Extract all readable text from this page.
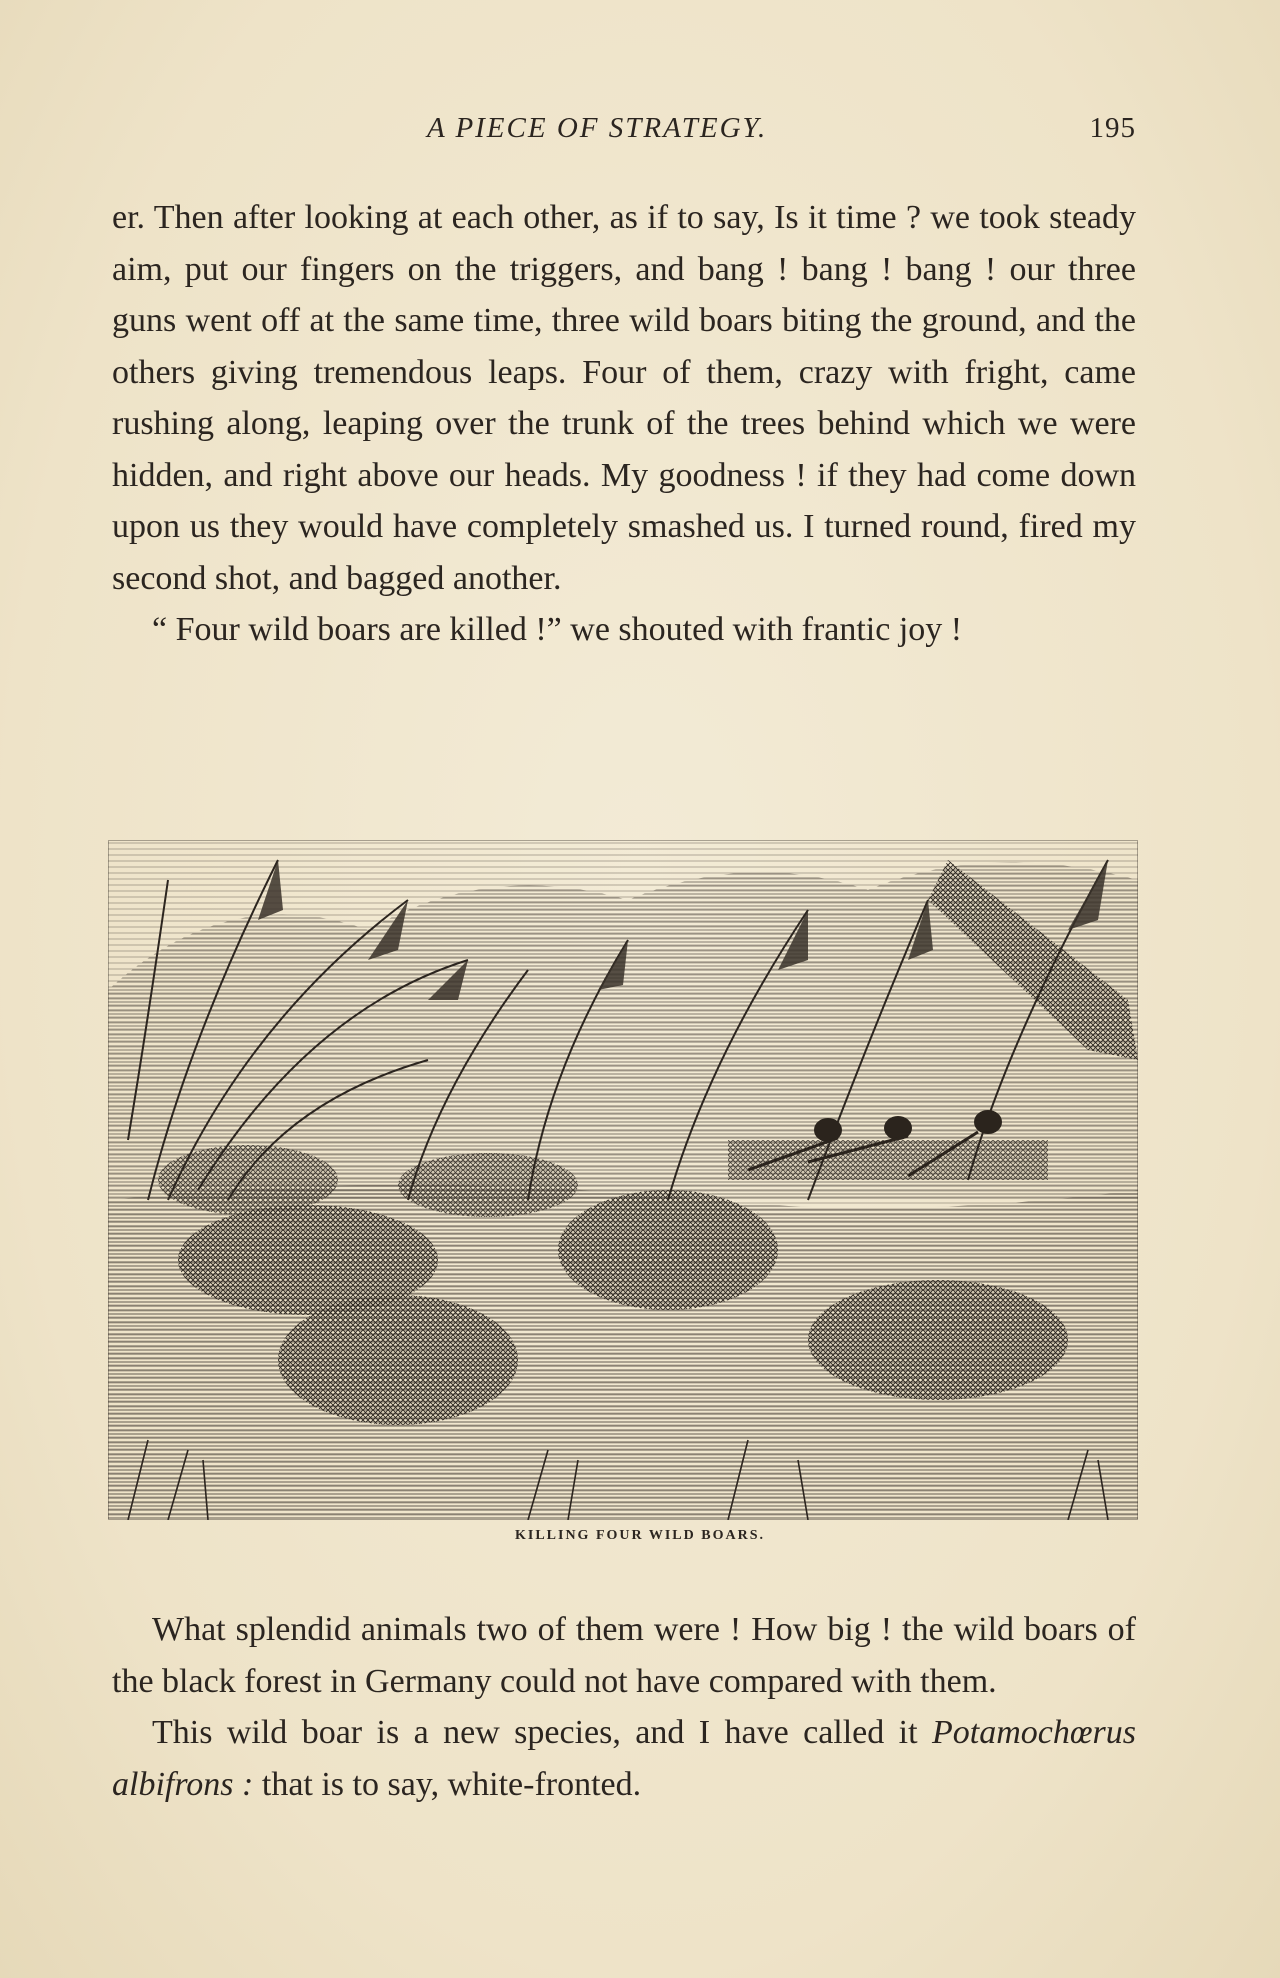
A PIECE OF STRATEGY.	195

er. Then after looking at each other, as if to say, Is it time ? we took steady aim, put our fingers on the triggers, and bang ! bang ! bang ! our three guns went off at the same time, three wild boars biting the ground, and the others giving tremendous leaps. Four of them, crazy with fright, came rushing along, leaping over the trunk of the trees behind which we were hidden, and right above our heads. My goodness ! if they had come down upon us they would have completely smashed us. I turned round, fired my second shot, and bagged another.

“ Four wild boars are killed !” we shouted with frantic joy !

KILLING FOUR WILD BOARS.

What splendid animals two of them were ! How big ! the wild boars of the black forest in Germany could not have compared with them.

This wild boar is a new species, and I have called it Potamochœrus albifrons : that is to say, white-fronted.
